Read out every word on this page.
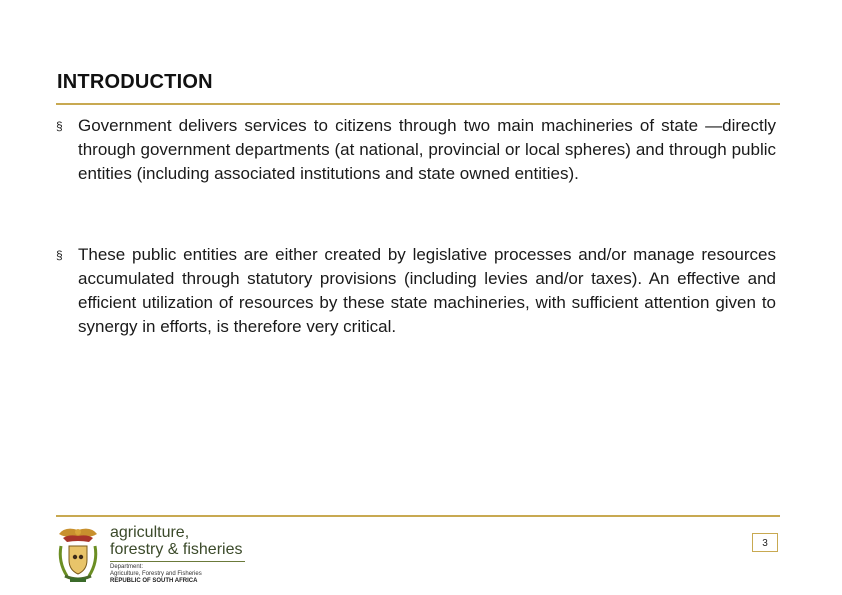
INTRODUCTION
§ Government delivers services to citizens through two main machineries of state —directly through government departments (at national, provincial or local spheres) and through public entities (including associated institutions and state owned entities).
§ These public entities are either created by legislative processes and/or manage resources accumulated through statutory provisions (including levies and/or taxes). An effective and efficient utilization of resources by these state machineries, with sufficient attention given to synergy in efforts, is therefore very critical.
agriculture,
forestry & fisheries
Department:
Agriculture, Forestry and Fisheries
REPUBLIC OF SOUTH AFRICA
3
